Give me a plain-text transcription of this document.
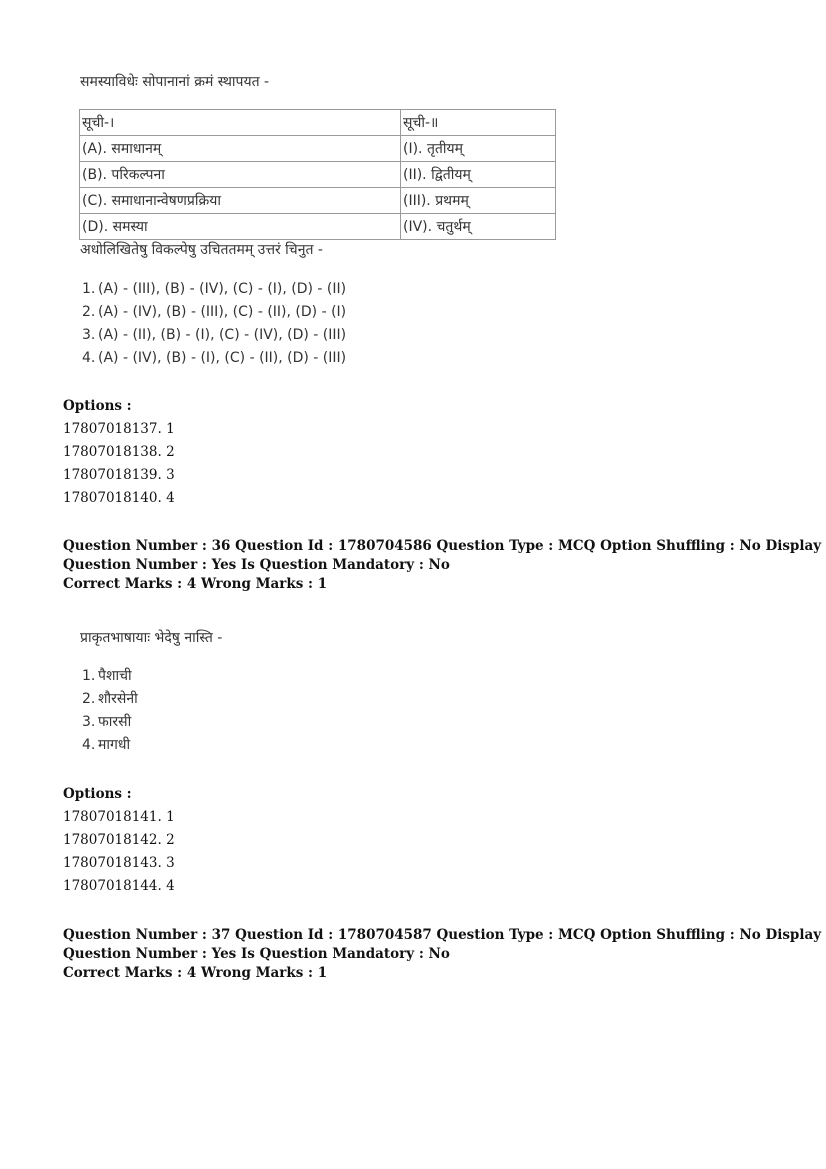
समस्याविधेः सोपानानां क्रमं स्थापयत -
सूची-।	सूची-॥
(A). समाधानम्	(I). तृतीयम्
(B). परिकल्पना	(II). द्वितीयम्
(C). समाधानान्वेषणप्रक्रिया	(III). प्रथमम्
(D). समस्या	(IV). चतुर्थम्
अधोलिखितेषु विकल्पेषु उचिततमम् उत्तरं चिनुत -
1. (A) - (III), (B) - (IV), (C) - (I), (D) - (II)
2. (A) - (IV), (B) - (III), (C) - (II), (D) - (I)
3. (A) - (II), (B) - (I), (C) - (IV), (D) - (III)
4. (A) - (IV), (B) - (I), (C) - (II), (D) - (III)
Options :
17807018137. 1
17807018138. 2
17807018139. 3
17807018140. 4
Question Number : 36 Question Id : 1780704586 Question Type : MCQ Option Shuffling : No Display
Question Number : Yes Is Question Mandatory : No
Correct Marks : 4 Wrong Marks : 1
प्राकृतभाषायाः भेदेषु नास्ति -
1. पैशाची
2. शौरसेनी
3. फारसी
4. मागधी
Options :
17807018141. 1
17807018142. 2
17807018143. 3
17807018144. 4
Question Number : 37 Question Id : 1780704587 Question Type : MCQ Option Shuffling : No Display
Question Number : Yes Is Question Mandatory : No
Correct Marks : 4 Wrong Marks : 1
